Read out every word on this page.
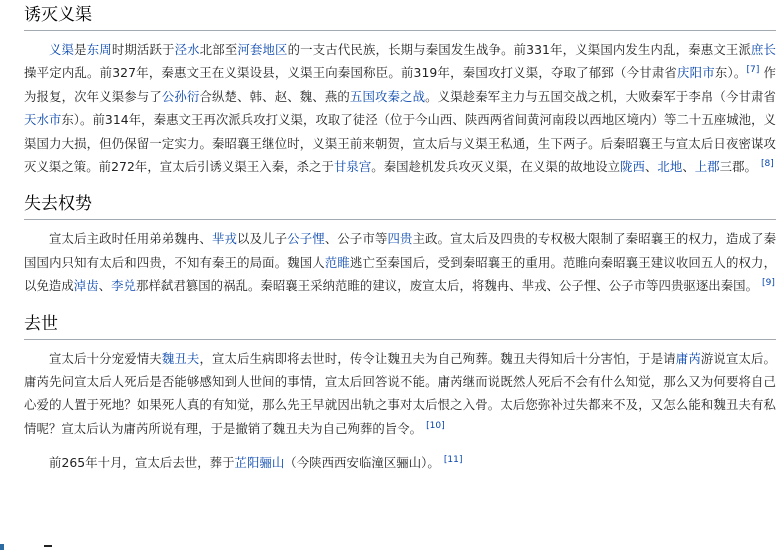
诱灭义渠

义渠是东周时期活跃于泾水北部至河套地区的一支古代民族，长期与秦国发生战争。前331年，义渠国内发生内乱，秦惠文王派庶长操平定内乱。前327年，秦惠文王在义渠设县，义渠王向秦国称臣。前319年，秦国攻打义渠，夺取了郁郅（今甘肃省庆阳市东）。[7] 作为报复，次年义渠参与了公孙衍合纵楚、韩、赵、魏、燕的五国攻秦之战。义渠趁秦军主力与五国交战之机，大败秦军于李帛（今甘肃省天水市东）。前314年，秦惠文王再次派兵攻打义渠，攻取了徒泾（位于今山西、陕西两省间黄河南段以西地区境内）等二十五座城池，义渠国力大损，但仍保留一定实力。秦昭襄王继位时，义渠王前来朝贺，宣太后与义渠王私通，生下两子。后秦昭襄王与宣太后日夜密谋攻灭义渠之策。前272年，宣太后引诱义渠王入秦，杀之于甘泉宫。秦国趁机发兵攻灭义渠，在义渠的故地设立陇西、北地、上郡三郡。 [8]

失去权势

宣太后主政时任用弟弟魏冉、芈戎以及儿子公子悝、公子市等四贵主政。宣太后及四贵的专权极大限制了秦昭襄王的权力，造成了秦国国内只知有太后和四贵，不知有秦王的局面。魏国人范睢逃亡至秦国后，受到秦昭襄王的重用。范睢向秦昭襄王建议收回五人的权力，以免造成淖齿、李兑那样弑君篡国的祸乱。秦昭襄王采纳范睢的建议，废宣太后，将魏冉、芈戎、公子悝、公子市等四贵驱逐出秦国。 [9]

去世

宣太后十分宠爱情夫魏丑夫，宣太后生病即将去世时，传令让魏丑夫为自己殉葬。魏丑夫得知后十分害怕，于是请庸芮游说宣太后。庸芮先问宣太后人死后是否能够感知到人世间的事情，宣太后回答说不能。庸芮继而说既然人死后不会有什么知觉，那么又为何要将自己心爱的人置于死地？如果死人真的有知觉，那么先王早就因出轨之事对太后恨之入骨。太后您弥补过失都来不及，又怎么能和魏丑夫有私情呢？宣太后认为庸芮所说有理，于是撤销了魏丑夫为自己殉葬的旨令。 [10]

前265年十月，宣太后去世，葬于芷阳骊山（今陕西西安临潼区骊山）。 [11]
